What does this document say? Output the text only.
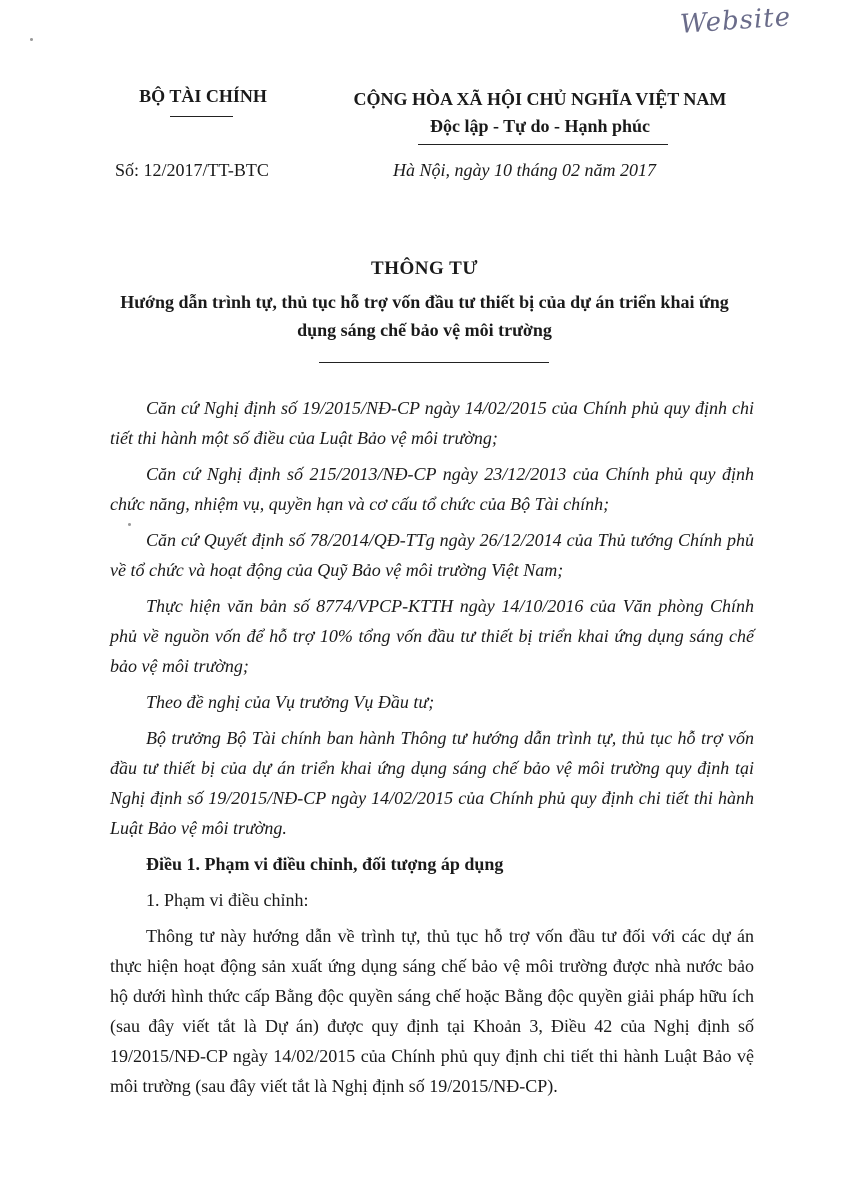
Website
BỘ TÀI CHÍNH	CỘNG HÒA XÃ HỘI CHỦ NGHĨA VIỆT NAM
Độc lập - Tự do - Hạnh phúc
Số: 12/2017/TT-BTC	Hà Nội, ngày 10 tháng 02 năm 2017
THÔNG TƯ
Hướng dẫn trình tự, thủ tục hỗ trợ vốn đầu tư thiết bị của dự án triển khai ứng dụng sáng chế bảo vệ môi trường

Căn cứ Nghị định số 19/2015/NĐ-CP ngày 14/02/2015 của Chính phủ quy định chi tiết thi hành một số điều của Luật Bảo vệ môi trường;

Căn cứ Nghị định số 215/2013/NĐ-CP ngày 23/12/2013 của Chính phủ quy định chức năng, nhiệm vụ, quyền hạn và cơ cấu tổ chức của Bộ Tài chính;

Căn cứ Quyết định số 78/2014/QĐ-TTg ngày 26/12/2014 của Thủ tướng Chính phủ về tổ chức và hoạt động của Quỹ Bảo vệ môi trường Việt Nam;

Thực hiện văn bản số 8774/VPCP-KTTH ngày 14/10/2016 của Văn phòng Chính phủ về nguồn vốn để hỗ trợ 10% tổng vốn đầu tư thiết bị triển khai ứng dụng sáng chế bảo vệ môi trường;

Theo đề nghị của Vụ trưởng Vụ Đầu tư;

Bộ trưởng Bộ Tài chính ban hành Thông tư hướng dẫn trình tự, thủ tục hỗ trợ vốn đầu tư thiết bị của dự án triển khai ứng dụng sáng chế bảo vệ môi trường quy định tại Nghị định số 19/2015/NĐ-CP ngày 14/02/2015 của Chính phủ quy định chi tiết thi hành Luật Bảo vệ môi trường.

Điều 1. Phạm vi điều chỉnh, đối tượng áp dụng

1. Phạm vi điều chỉnh:

Thông tư này hướng dẫn về trình tự, thủ tục hỗ trợ vốn đầu tư đối với các dự án thực hiện hoạt động sản xuất ứng dụng sáng chế bảo vệ môi trường được nhà nước bảo hộ dưới hình thức cấp Bằng độc quyền sáng chế hoặc Bằng độc quyền giải pháp hữu ích (sau đây viết tắt là Dự án) được quy định tại Khoản 3, Điều 42 của Nghị định số 19/2015/NĐ-CP ngày 14/02/2015 của Chính phủ quy định chi tiết thi hành Luật Bảo vệ môi trường (sau đây viết tắt là Nghị định số 19/2015/NĐ-CP).
